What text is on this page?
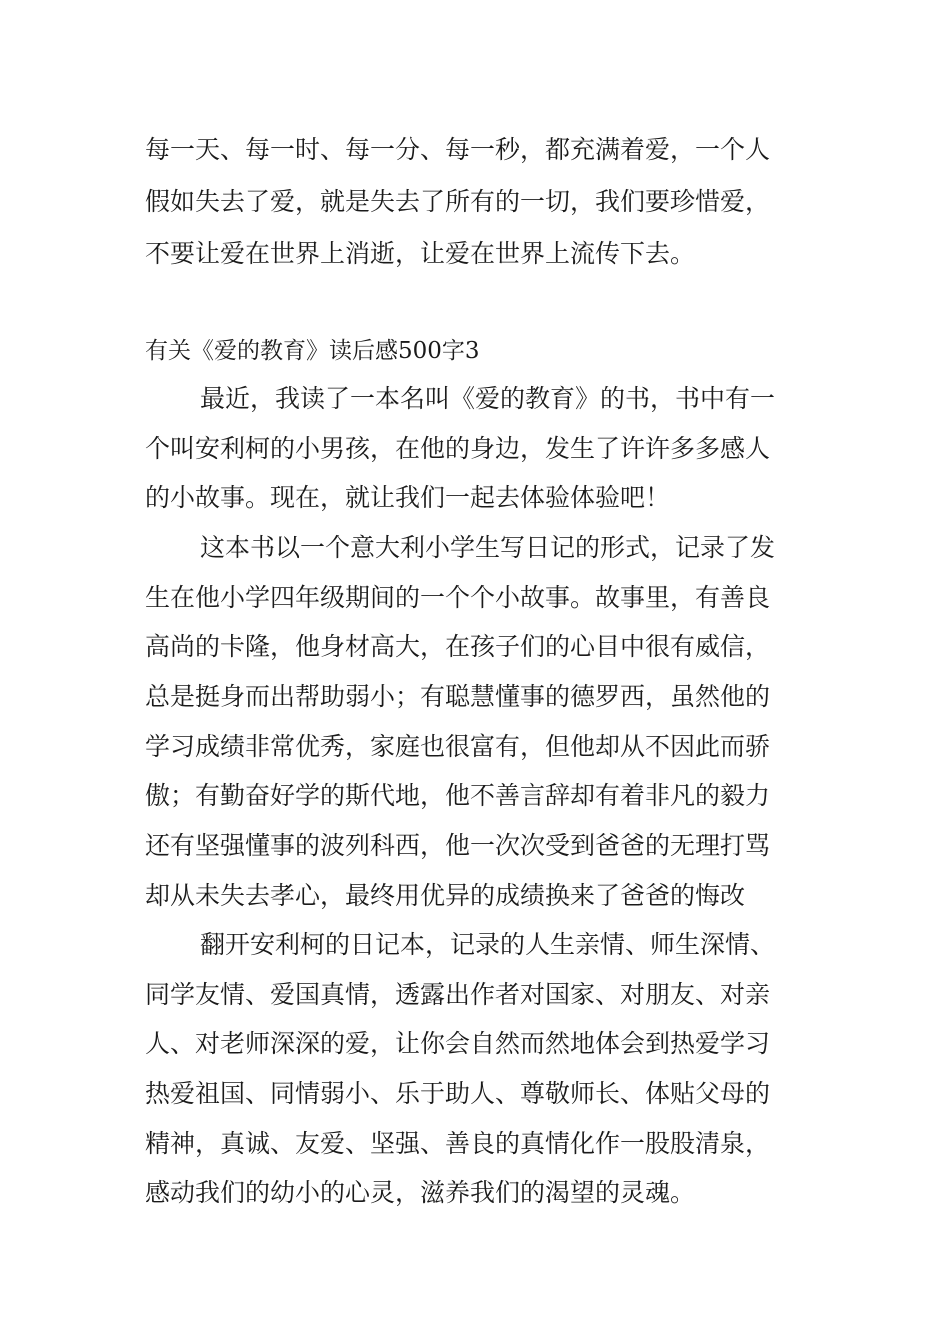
每一天、每一时、每一分、每一秒，都充满着爱，一个人
假如失去了爱，就是失去了所有的一切，我们要珍惜爱，
不要让爱在世界上消逝，让爱在世界上流传下去。
有关《爱的教育》读后感500字3
最近，我读了一本名叫《爱的教育》的书，书中有一
个叫安利柯的小男孩，在他的身边，发生了许许多多感人
的小故事。现在，就让我们一起去体验体验吧！
这本书以一个意大利小学生写日记的形式，记录了发
生在他小学四年级期间的一个个小故事。故事里，有善良
高尚的卡隆，他身材高大，在孩子们的心目中很有威信，
总是挺身而出帮助弱小；有聪慧懂事的德罗西，虽然他的
学习成绩非常优秀，家庭也很富有，但他却从不因此而骄
傲；有勤奋好学的斯代地，他不善言辞却有着非凡的毅力
还有坚强懂事的波列科西，他一次次受到爸爸的无理打骂
却从未失去孝心，最终用优异的成绩换来了爸爸的悔改
翻开安利柯的日记本，记录的人生亲情、师生深情、
同学友情、爱国真情，透露出作者对国家、对朋友、对亲
人、对老师深深的爱，让你会自然而然地体会到热爱学习
热爱祖国、同情弱小、乐于助人、尊敬师长、体贴父母的
精神，真诚、友爱、坚强、善良的真情化作一股股清泉，
感动我们的幼小的心灵，滋养我们的渴望的灵魂。
